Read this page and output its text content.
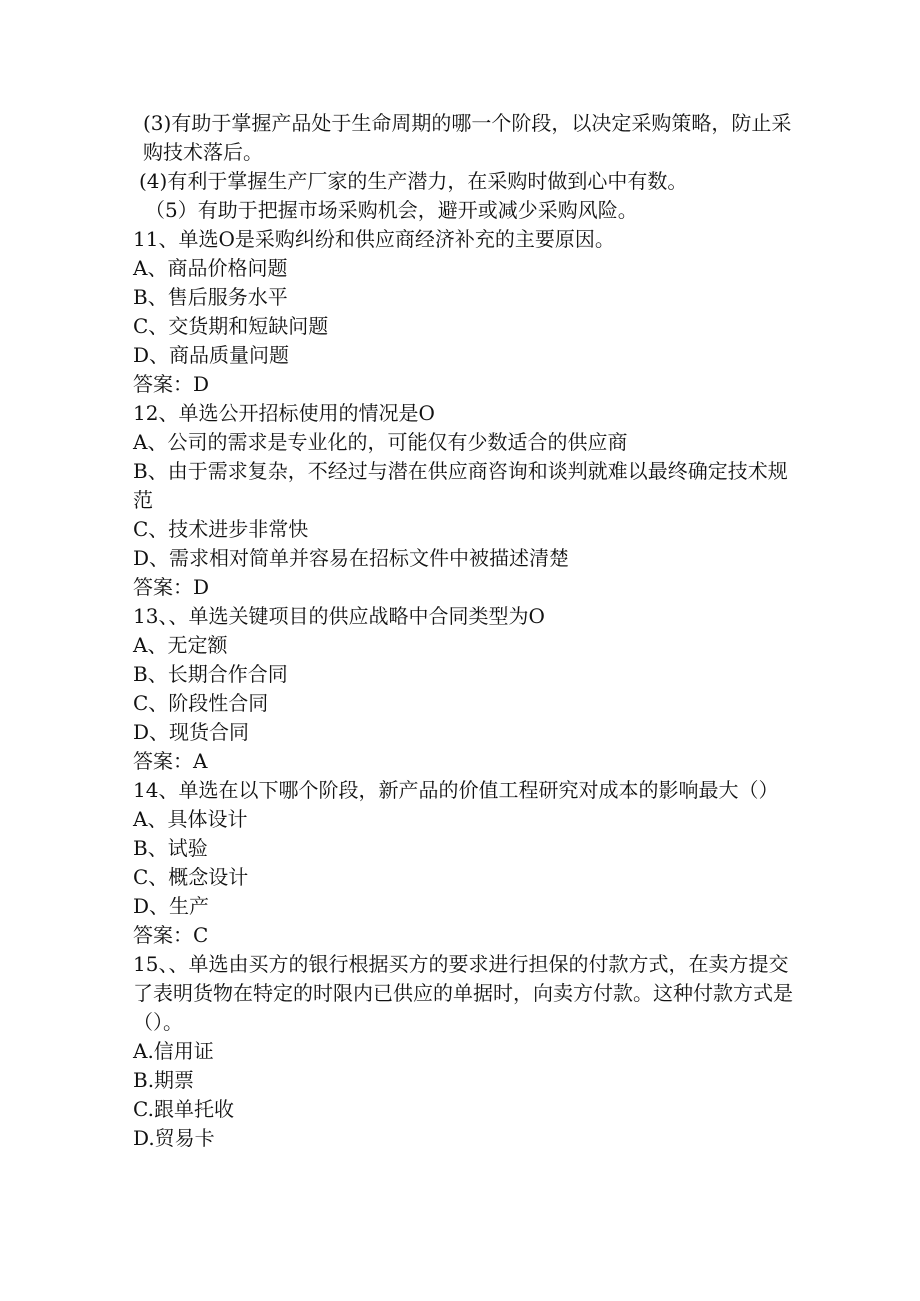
(3)有助于掌握产品处于生命周期的哪一个阶段，以决定采购策略，防止采购技术落后。
(4)有利于掌握生产厂家的生产潜力，在采购时做到心中有数。
（5）有助于把握市场采购机会，避开或减少采购风险。
11、单选O是采购纠纷和供应商经济补充的主要原因。
A、商品价格问题
B、售后服务水平
C、交货期和短缺问题
D、商品质量问题
答案：D
12、单选公开招标使用的情况是O
A、公司的需求是专业化的，可能仅有少数适合的供应商
B、由于需求复杂，不经过与潜在供应商咨询和谈判就难以最终确定技术规范
C、技术进步非常快
D、需求相对简单并容易在招标文件中被描述清楚
答案：D
13、、单选关键项目的供应战略中合同类型为O
A、无定额
B、长期合作合同
C、阶段性合同
D、现货合同
答案：A
14、单选在以下哪个阶段，新产品的价值工程研究对成本的影响最大（）
A、具体设计
B、试验
C、概念设计
D、生产
答案：C
15、、单选由买方的银行根据买方的要求进行担保的付款方式，在卖方提交了表明货物在特定的时限内已供应的单据时，向卖方付款。这种付款方式是（）。
A.信用证
B.期票
C.跟单托收
D.贸易卡
